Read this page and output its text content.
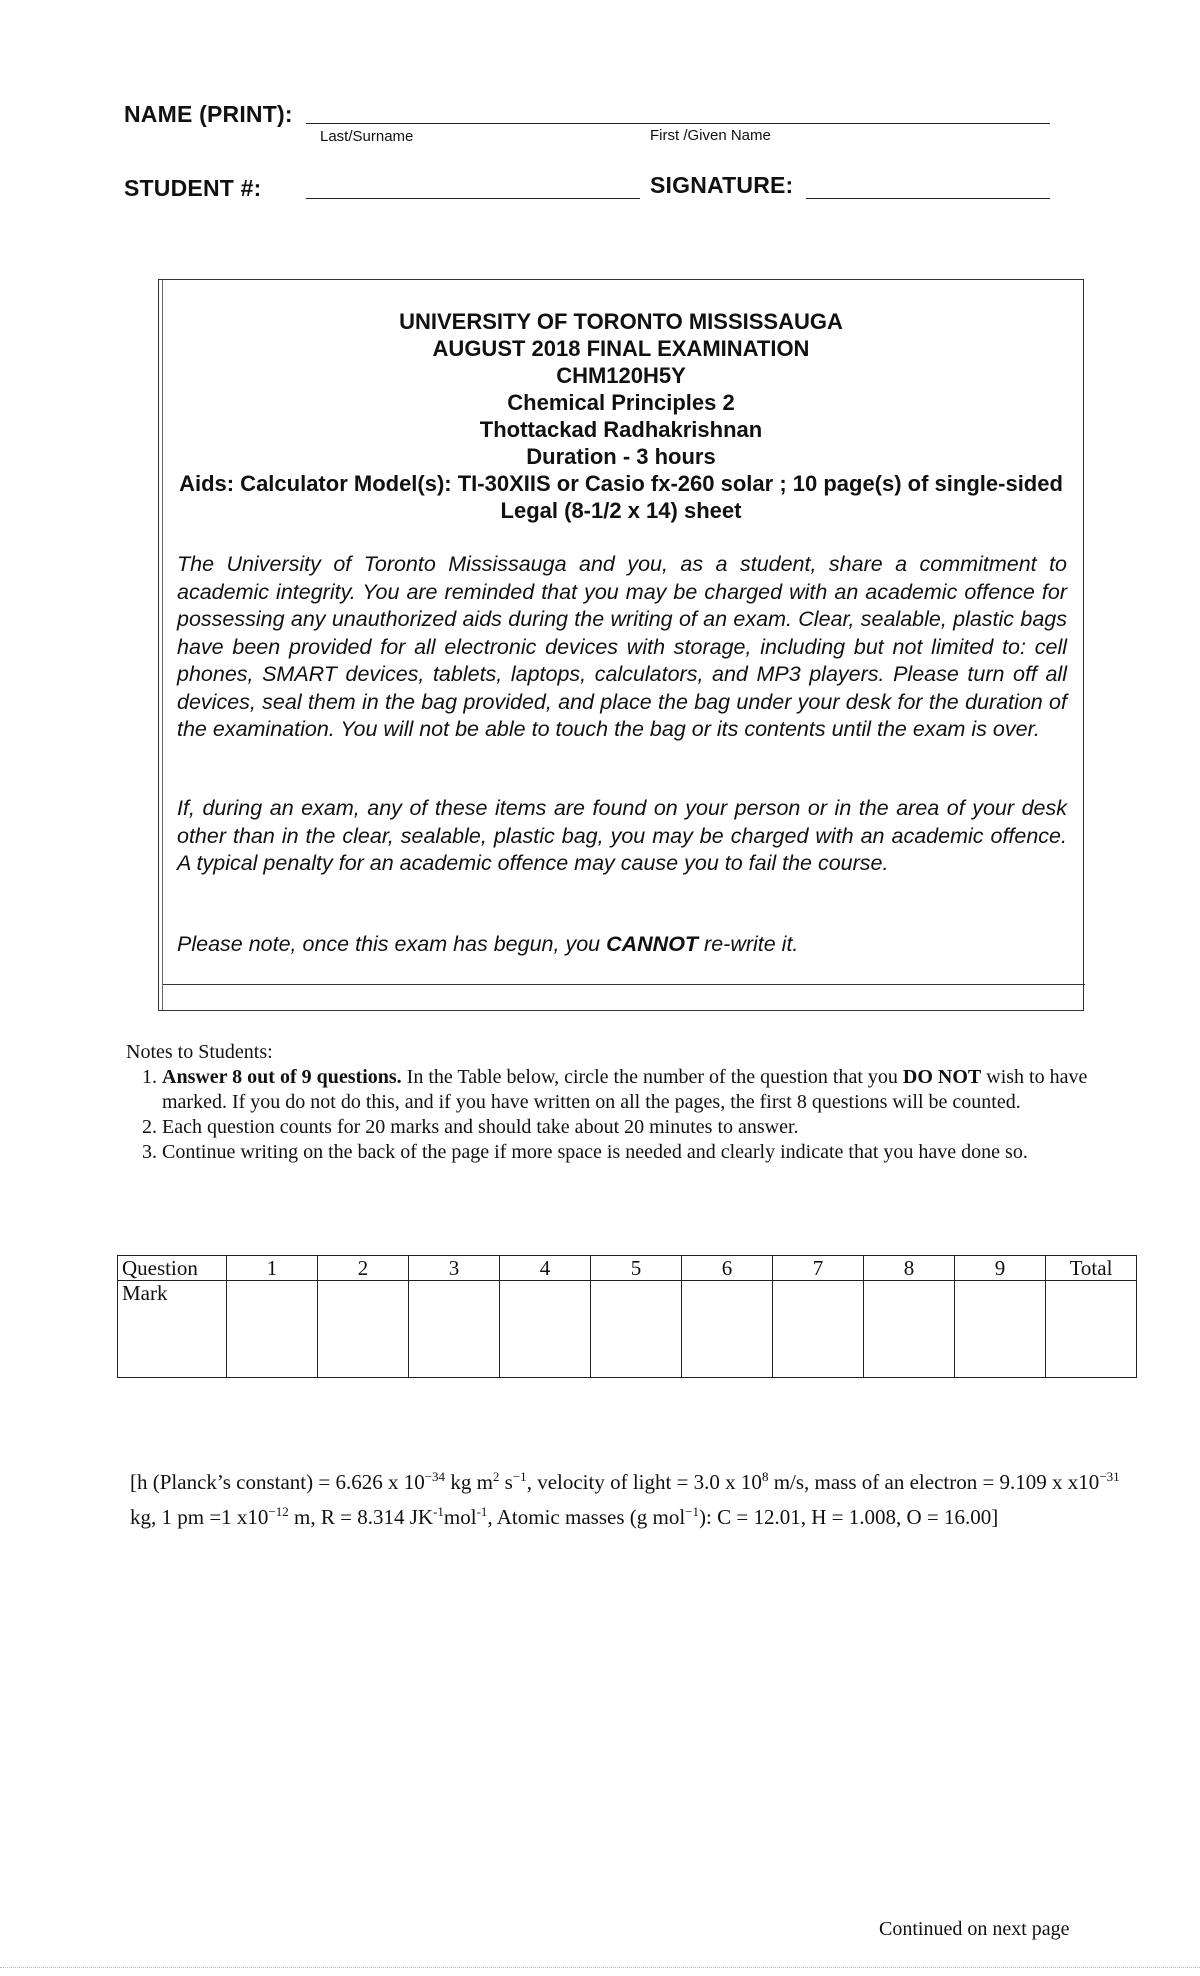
NAME (PRINT):
Last/Surname	First /Given Name
STUDENT #:	SIGNATURE:
UNIVERSITY OF TORONTO MISSISSAUGA
AUGUST 2018 FINAL EXAMINATION
CHM120H5Y
Chemical Principles 2
Thottackad Radhakrishnan
Duration - 3 hours
Aids: Calculator Model(s): TI-30XIIS or Casio fx-260 solar ; 10 page(s) of single-sided Legal (8-1/2 x 14) sheet
The University of Toronto Mississauga and you, as a student, share a commitment to academic integrity. You are reminded that you may be charged with an academic offence for possessing any unauthorized aids during the writing of an exam. Clear, sealable, plastic bags have been provided for all electronic devices with storage, including but not limited to: cell phones, SMART devices, tablets, laptops, calculators, and MP3 players. Please turn off all devices, seal them in the bag provided, and place the bag under your desk for the duration of the examination. You will not be able to touch the bag or its contents until the exam is over.
If, during an exam, any of these items are found on your person or in the area of your desk other than in the clear, sealable, plastic bag, you may be charged with an academic offence. A typical penalty for an academic offence may cause you to fail the course.
Please note, once this exam has begun, you CANNOT re-write it.
Notes to Students:
1. Answer 8 out of 9 questions. In the Table below, circle the number of the question that you DO NOT wish to have marked. If you do not do this, and if you have written on all the pages, the first 8 questions will be counted.
2. Each question counts for 20 marks and should take about 20 minutes to answer.
3. Continue writing on the back of the page if more space is needed and clearly indicate that you have done so.
Question	1	2	3	4	5	6	7	8	9	Total
Mark										
[h (Planck’s constant) = 6.626 x $10^{-34}$ kg $m^2$ $s^{-1}$, velocity of light = 3.0 x $10^8$ m/s, mass of an electron = 9.109 x $x10^{-31}$ kg, 1 pm =1 $x10^{-12}$ m, R = 8.314 $JK^{-1}mol^{-1}$, Atomic masses (g mol$^{-1}$): C = 12.01, H = 1.008, O = 16.00]
Continued on next page
